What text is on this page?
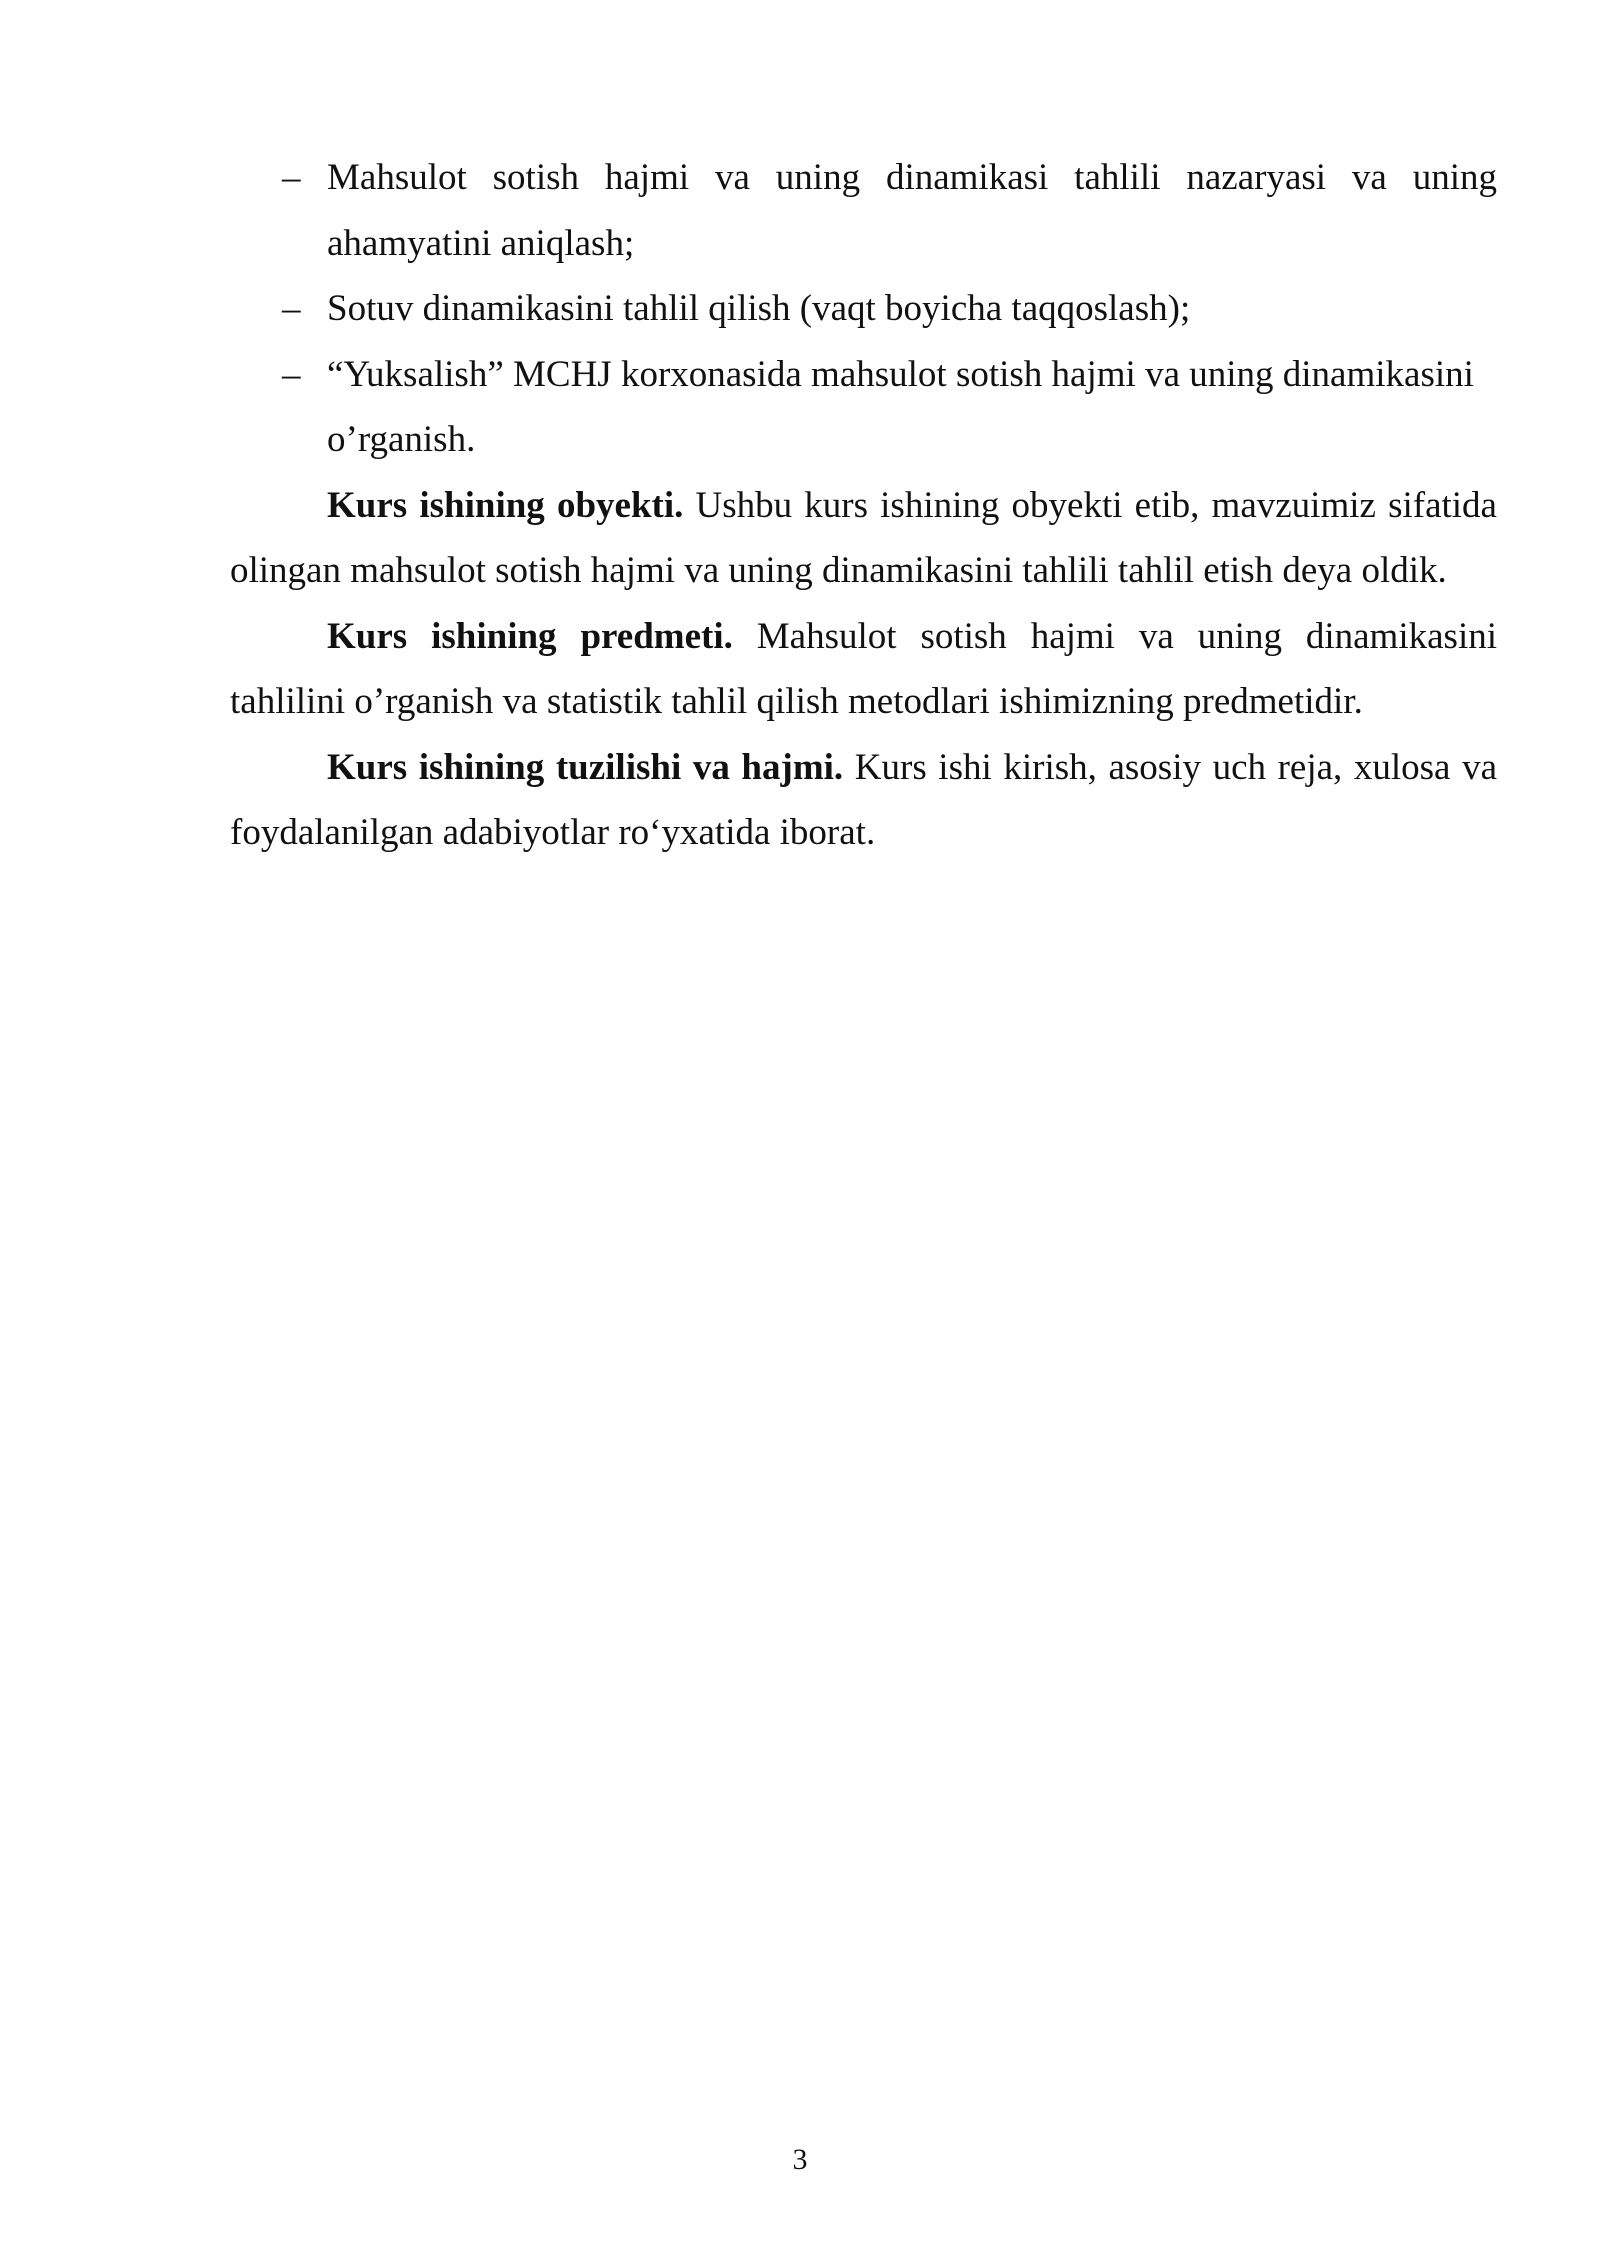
– Mahsulot sotish hajmi va uning dinamikasi tahlili nazaryasi va uning ahamyatini aniqlash;
– Sotuv dinamikasini tahlil qilish (vaqt boyicha taqqoslash);
– “Yuksalish” MCHJ korxonasida mahsulot sotish hajmi va uning dinamikasini o’rganish.

Kurs ishining obyekti. Ushbu kurs ishining obyekti etib, mavzuimiz sifatida olingan mahsulot sotish hajmi va uning dinamikasini tahlili tahlil etish deya oldik.

Kurs ishining predmeti. Mahsulot sotish hajmi va uning dinamikasini tahlilini o’rganish va statistik tahlil qilish metodlari ishimizning predmetidir.

Kurs ishining tuzilishi va hajmi. Kurs ishi kirish, asosiy uch reja, xulosa va foydalanilgan adabiyotlar ro‘yxatida iborat.

3
